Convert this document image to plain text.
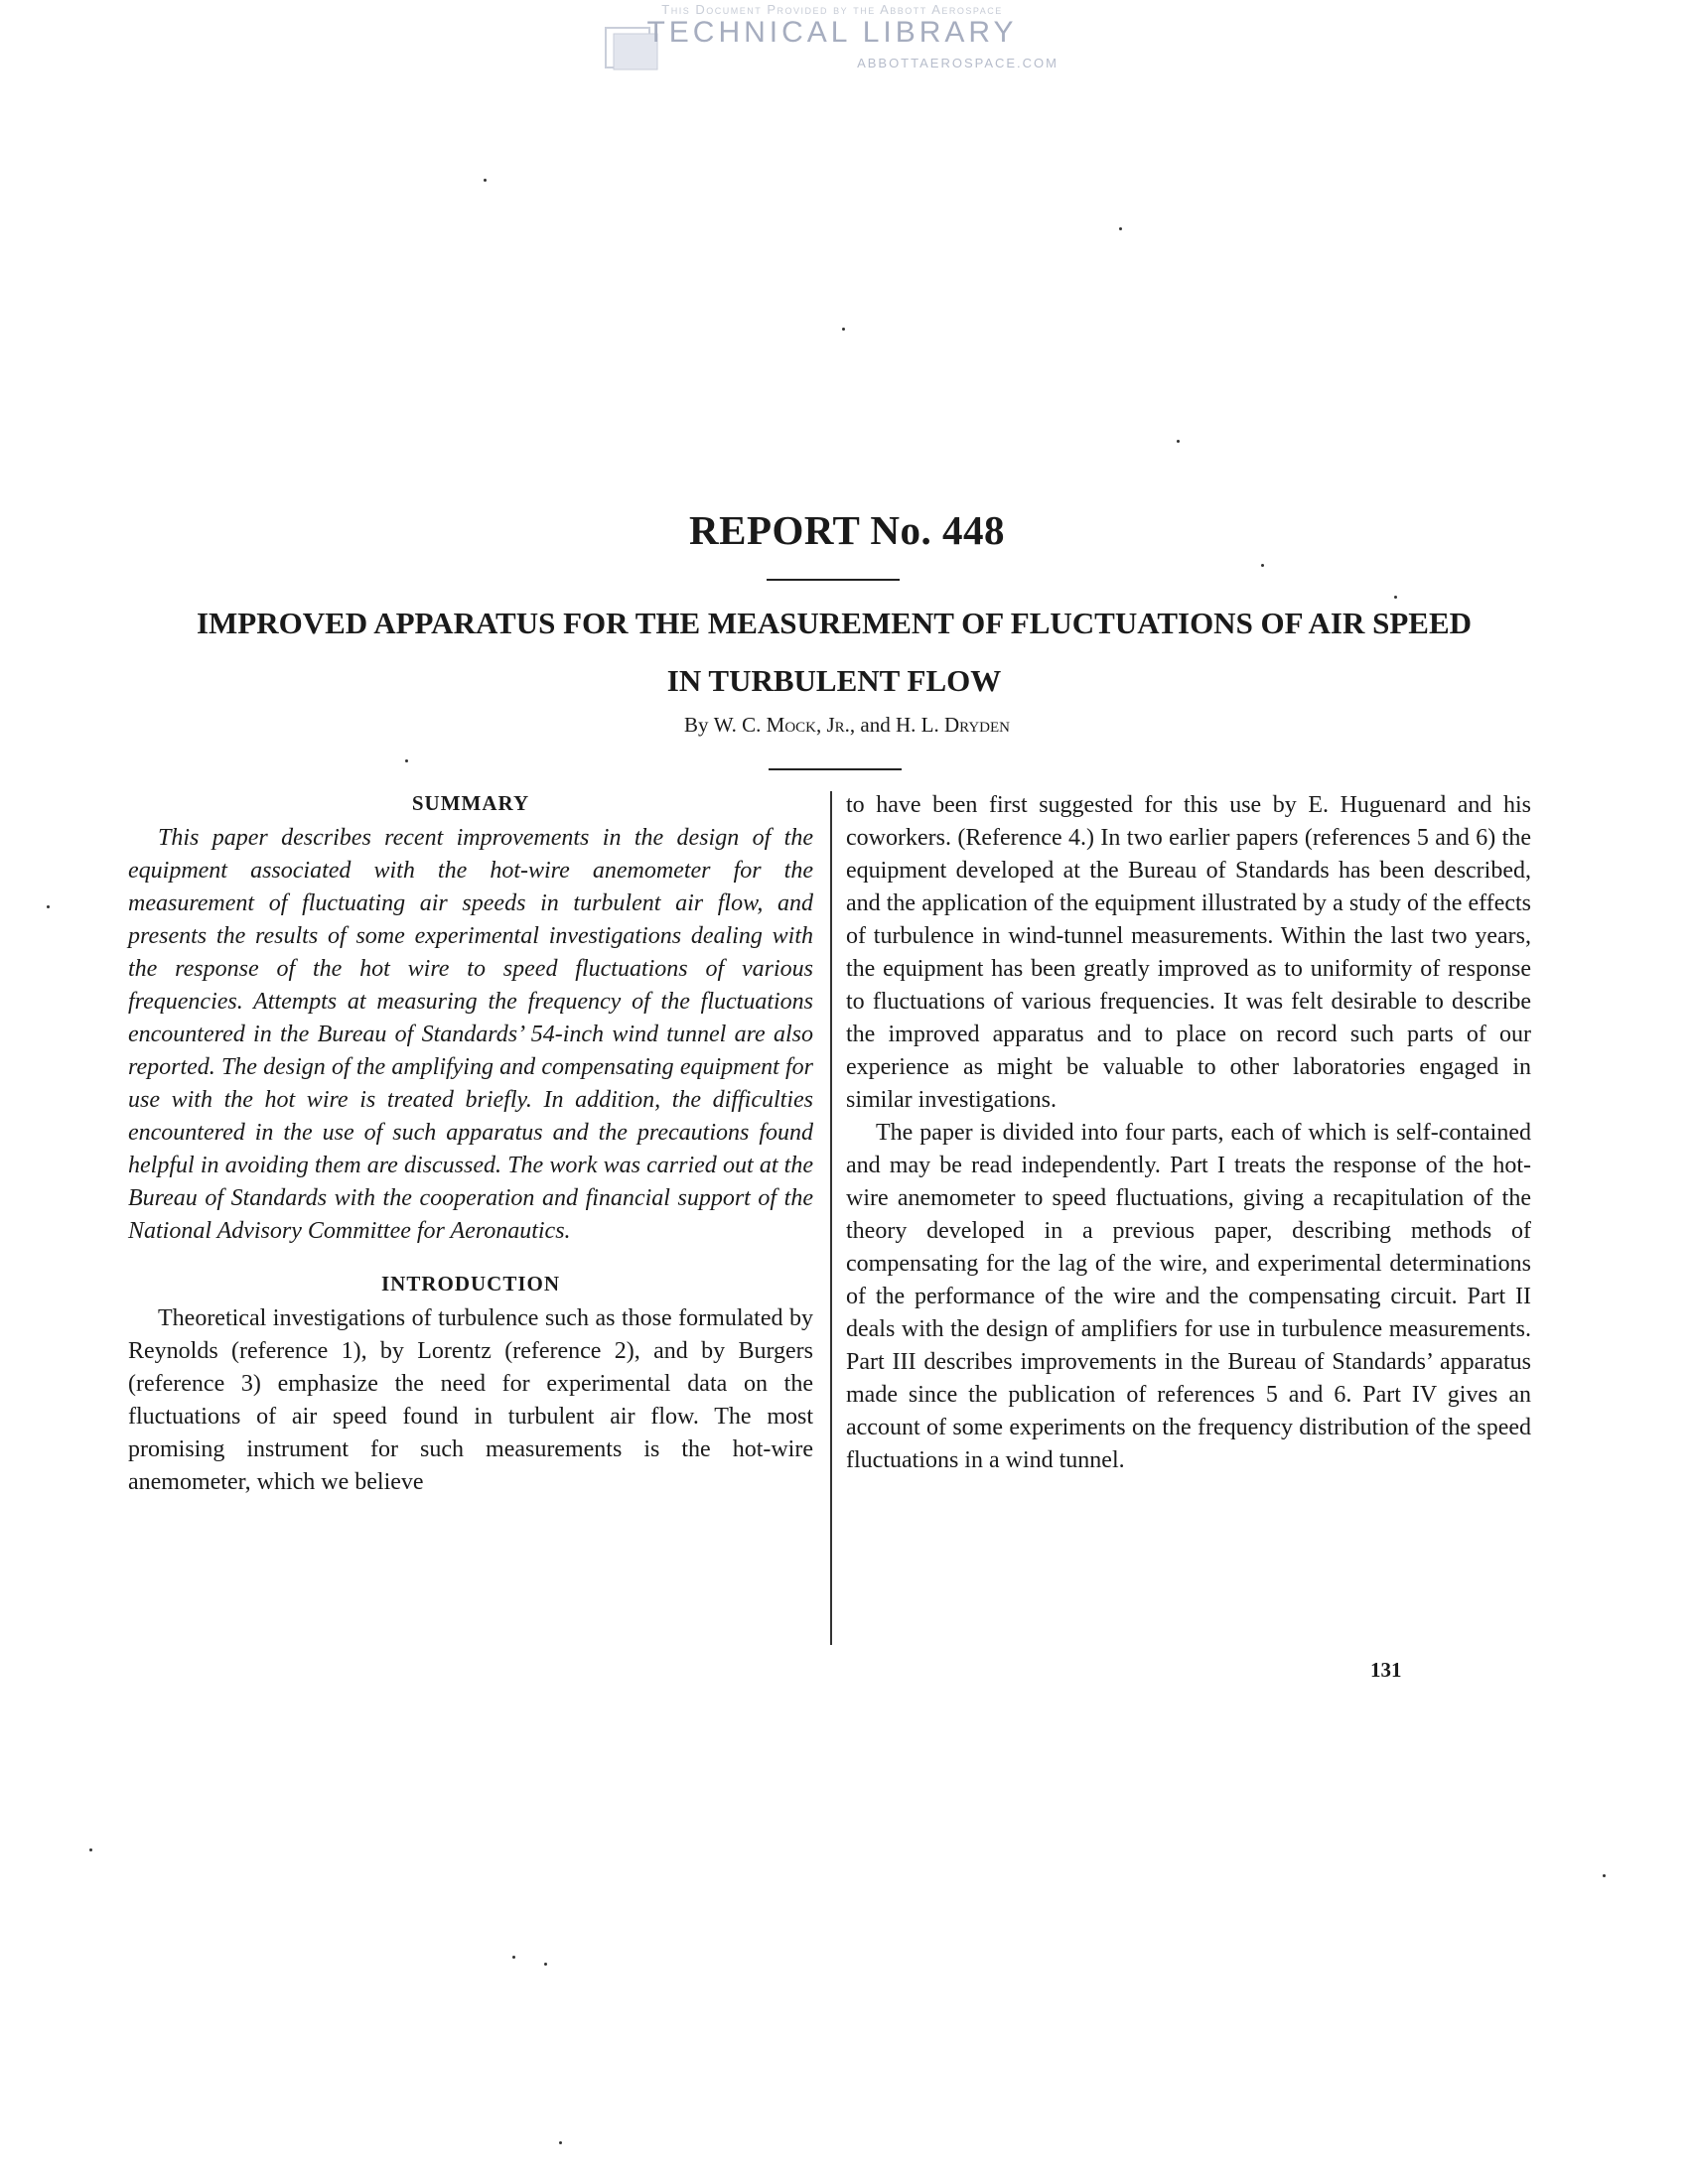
This Document Provided by the Abbott Aerospace
TECHNICAL LIBRARY
ABBOTTAEROSPACE.COM
REPORT No. 448
IMPROVED APPARATUS FOR THE MEASUREMENT OF FLUCTUATIONS OF AIR SPEED
IN TURBULENT FLOW
By W. C. Mock, Jr., and H. L. Dryden
SUMMARY

This paper describes recent improvements in the design of the equipment associated with the hot-wire anemometer for the measurement of fluctuating air speeds in turbulent air flow, and presents the results of some experimental investigations dealing with the response of the hot wire to speed fluctuations of various frequencies. Attempts at measuring the frequency of the fluctuations encountered in the Bureau of Standards’ 54-inch wind tunnel are also reported. The design of the amplifying and compensating equipment for use with the hot wire is treated briefly. In addition, the difficulties encountered in the use of such apparatus and the precautions found helpful in avoiding them are discussed. The work was carried out at the Bureau of Standards with the cooperation and financial support of the National Advisory Committee for Aeronautics.

INTRODUCTION

Theoretical investigations of turbulence such as those formulated by Reynolds (reference 1), by Lorentz (reference 2), and by Burgers (reference 3) emphasize the need for experimental data on the fluctuations of air speed found in turbulent air flow. The most promising instrument for such measurements is the hot-wire anemometer, which we believe

to have been first suggested for this use by E. Huguenard and his coworkers. (Reference 4.) In two earlier papers (references 5 and 6) the equipment developed at the Bureau of Standards has been described, and the application of the equipment illustrated by a study of the effects of turbulence in wind-tunnel measurements. Within the last two years, the equipment has been greatly improved as to uniformity of response to fluctuations of various frequencies. It was felt desirable to describe the improved apparatus and to place on record such parts of our experience as might be valuable to other laboratories engaged in similar investigations.

The paper is divided into four parts, each of which is self-contained and may be read independently. Part I treats the response of the hot-wire anemometer to speed fluctuations, giving a recapitulation of the theory developed in a previous paper, describing methods of compensating for the lag of the wire, and experimental determinations of the performance of the wire and the compensating circuit. Part II deals with the design of amplifiers for use in turbulence measurements. Part III describes improvements in the Bureau of Standards’ apparatus made since the publication of references 5 and 6. Part IV gives an account of some experiments on the frequency distribution of the speed fluctuations in a wind tunnel.

131
